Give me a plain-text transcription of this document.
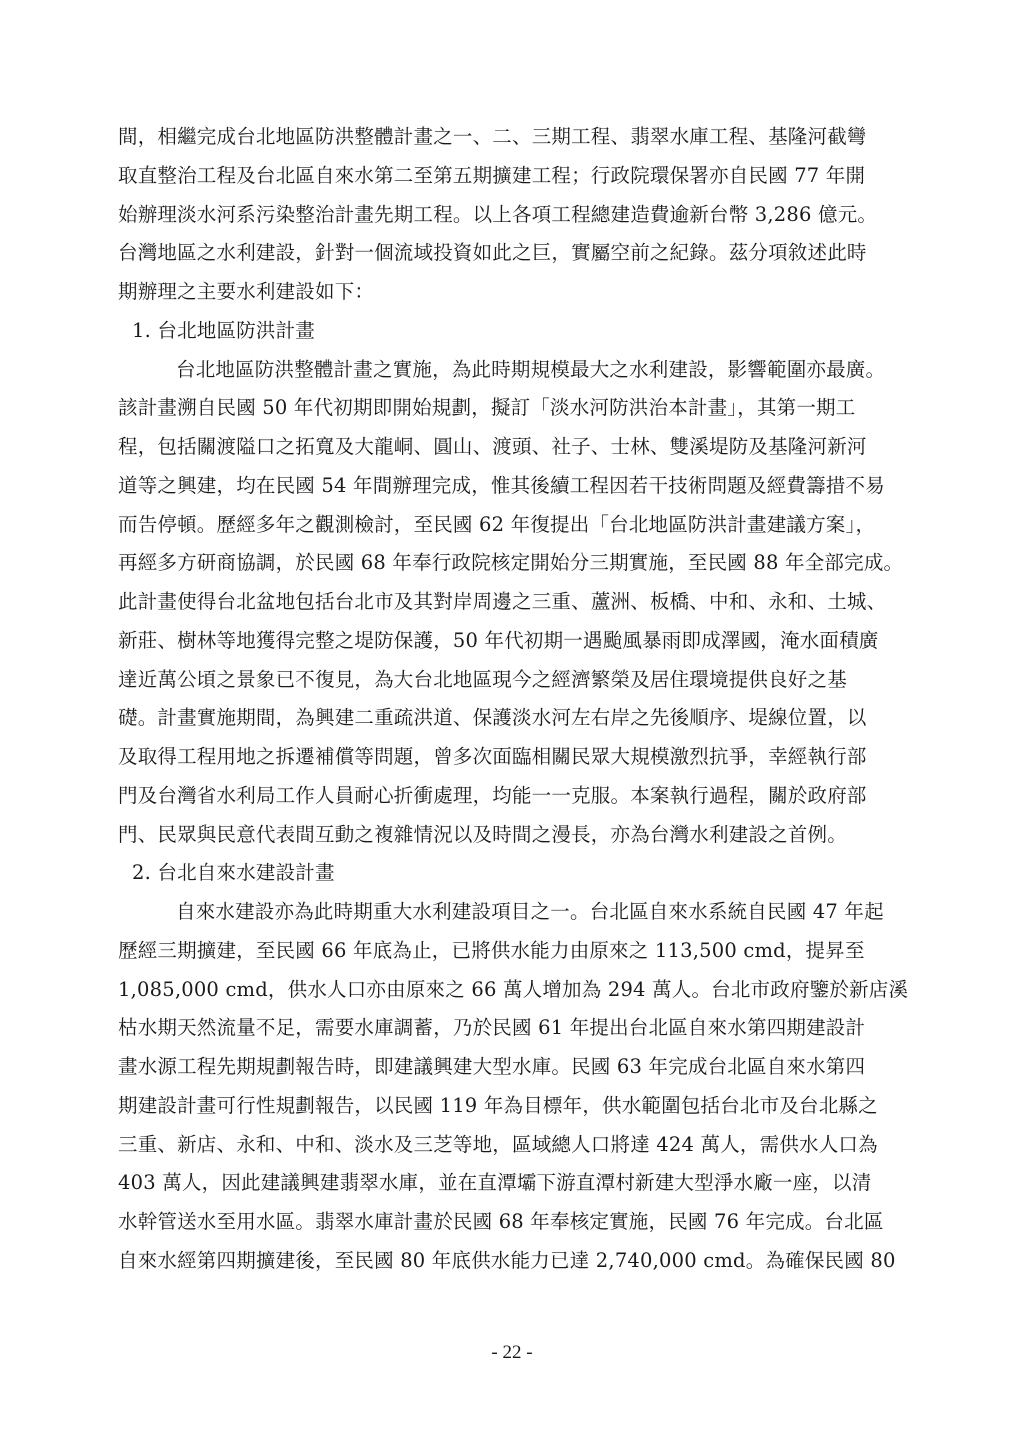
間，相繼完成台北地區防洪整體計畫之一、二、三期工程、翡翠水庫工程、基隆河截彎
取直整治工程及台北區自來水第二至第五期擴建工程；行政院環保署亦自民國 77 年開
始辦理淡水河系污染整治計畫先期工程。以上各項工程總建造費逾新台幣 3,286 億元。
台灣地區之水利建設，針對一個流域投資如此之巨，實屬空前之紀錄。茲分項敘述此時
期辦理之主要水利建設如下：
1. 台北地區防洪計畫
台北地區防洪整體計畫之實施，為此時期規模最大之水利建設，影響範圍亦最廣。
該計畫溯自民國 50 年代初期即開始規劃，擬訂「淡水河防洪治本計畫」，其第一期工
程，包括關渡隘口之拓寬及大龍峒、圓山、渡頭、社子、士林、雙溪堤防及基隆河新河
道等之興建，均在民國 54 年間辦理完成，惟其後續工程因若干技術問題及經費籌措不易
而告停頓。歷經多年之觀測檢討，至民國 62 年復提出「台北地區防洪計畫建議方案」，
再經多方研商協調，於民國 68 年奉行政院核定開始分三期實施，至民國 88 年全部完成。
此計畫使得台北盆地包括台北市及其對岸周邊之三重、蘆洲、板橋、中和、永和、土城、
新莊、樹林等地獲得完整之堤防保護，50 年代初期一遇颱風暴雨即成澤國，淹水面積廣
達近萬公頃之景象已不復見，為大台北地區現今之經濟繁榮及居住環境提供良好之基
礎。計畫實施期間，為興建二重疏洪道、保護淡水河左右岸之先後順序、堤線位置，以
及取得工程用地之拆遷補償等問題，曾多次面臨相關民眾大規模激烈抗爭，幸經執行部
門及台灣省水利局工作人員耐心折衝處理，均能一一克服。本案執行過程，關於政府部
門、民眾與民意代表間互動之複雜情況以及時間之漫長，亦為台灣水利建設之首例。
2. 台北自來水建設計畫
自來水建設亦為此時期重大水利建設項目之一。台北區自來水系統自民國 47 年起
歷經三期擴建，至民國 66 年底為止，已將供水能力由原來之 113,500 cmd，提昇至
1,085,000 cmd，供水人口亦由原來之 66 萬人增加為 294 萬人。台北市政府鑒於新店溪
枯水期天然流量不足，需要水庫調蓄，乃於民國 61 年提出台北區自來水第四期建設計
畫水源工程先期規劃報告時，即建議興建大型水庫。民國 63 年完成台北區自來水第四
期建設計畫可行性規劃報告，以民國 119 年為目標年，供水範圍包括台北市及台北縣之
三重、新店、永和、中和、淡水及三芝等地，區域總人口將達 424 萬人，需供水人口為
403 萬人，因此建議興建翡翠水庫，並在直潭壩下游直潭村新建大型淨水廠一座，以清
水幹管送水至用水區。翡翠水庫計畫於民國 68 年奉核定實施，民國 76 年完成。台北區
自來水經第四期擴建後，至民國 80 年底供水能力已達 2,740,000 cmd。為確保民國 80
- 22 -
